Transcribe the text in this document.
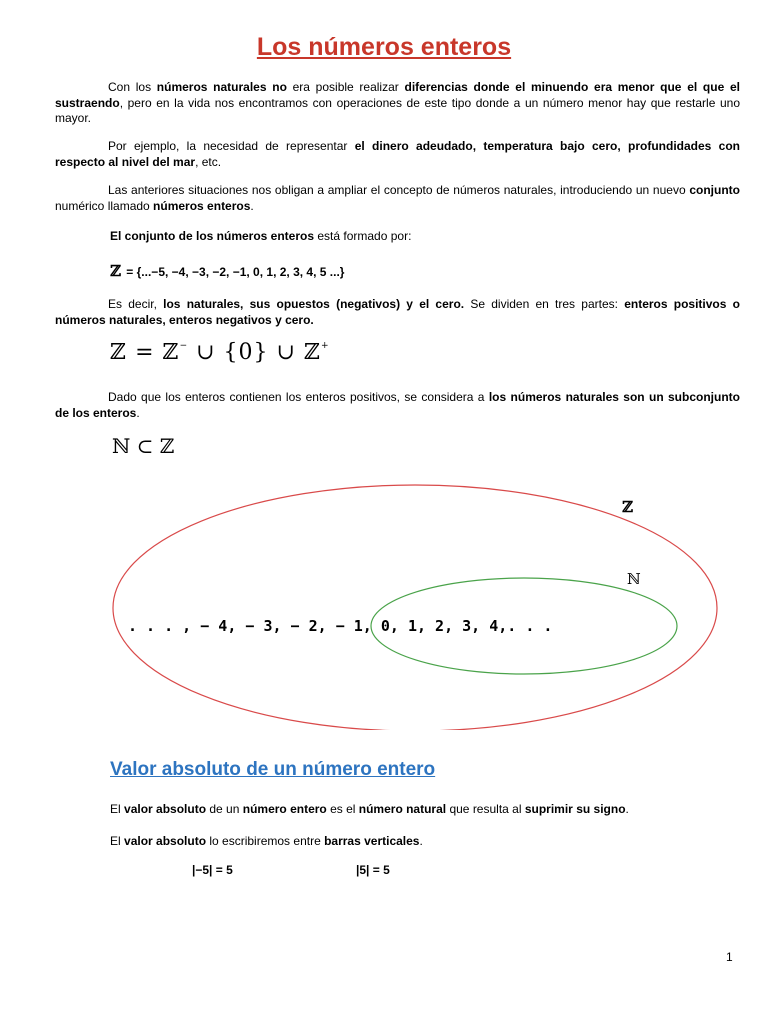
Los números enteros

Con los números naturales no era posible realizar diferencias donde el minuendo era menor que el que el sustraendo, pero en la vida nos encontramos con operaciones de este tipo donde a un número menor hay que restarle uno mayor.

Por ejemplo, la necesidad de representar el dinero adeudado, temperatura bajo cero, profundidades con respecto al nivel del mar, etc.

Las anteriores situaciones nos obligan a ampliar el concepto de números naturales, introduciendo un nuevo conjunto numérico llamado números enteros.

El conjunto de los números enteros está formado por:

ℤ = {...−5, −4, −3, −2, −1, 0, 1, 2, 3, 4, 5 ...}

Es decir, los naturales, sus opuestos (negativos) y el cero. Se dividen en tres partes: enteros positivos o números naturales, enteros negativos y cero.

ℤ = ℤ− ∪ {0} ∪ ℤ+

Dado que los enteros contienen los enteros positivos, se considera a los números naturales son un subconjunto de los enteros.

ℕ ⊂ ℤ
ℤ
ℕ
. . . , − 4, − 3, − 2, − 1, 0, 1, 2, 3, 4,. . .
Valor absoluto de un número entero

El valor absoluto de un número entero es el número natural que resulta al suprimir su signo.

El valor absoluto lo escribiremos entre barras verticales.

|−5| = 5	|5| = 5
1
